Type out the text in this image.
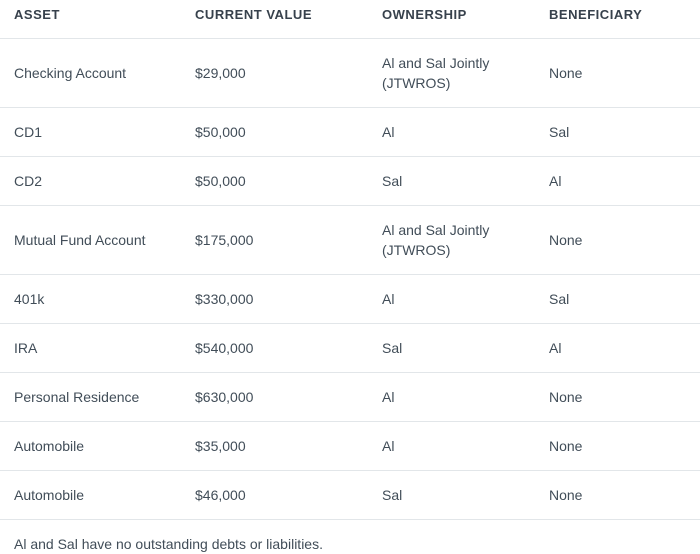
ASSET	CURRENT VALUE	OWNERSHIP	BENEFICIARY
Checking Account	$29,000	Al and Sal Jointly (JTWROS)	None
CD1	$50,000	Al	Sal
CD2	$50,000	Sal	Al
Mutual Fund Account	$175,000	Al and Sal Jointly (JTWROS)	None
401k	$330,000	Al	Sal
IRA	$540,000	Sal	Al
Personal Residence	$630,000	Al	None
Automobile	$35,000	Al	None
Automobile	$46,000	Sal	None

Al and Sal have no outstanding debts or liabilities.
